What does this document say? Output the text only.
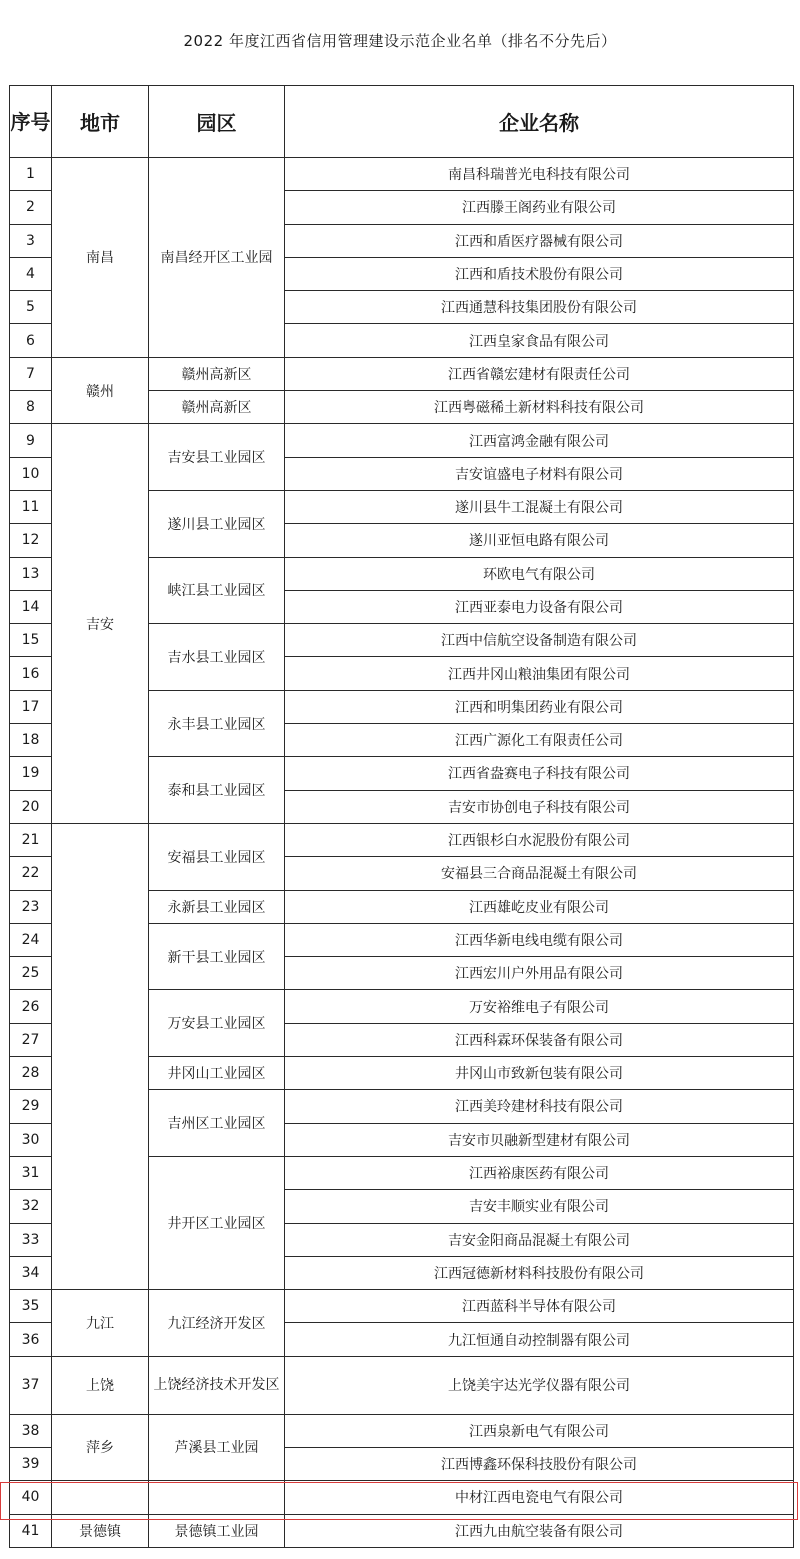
2022 年度江西省信用管理建设示范企业名单（排名不分先后）
序号	地市	园区	企业名称
1	南昌	南昌经开区工业园	南昌科瑞普光电科技有限公司
2			江西滕王阁药业有限公司
3			江西和盾医疗器械有限公司
4			江西和盾技术股份有限公司
5			江西通慧科技集团股份有限公司
6			江西皇家食品有限公司
7	赣州	赣州高新区	江西省赣宏建材有限责任公司
8		赣州高新区	江西粤磁稀土新材料科技有限公司
9	吉安	吉安县工业园区	江西富鸿金融有限公司
10			吉安谊盛电子材料有限公司
11		遂川县工业园区	遂川县牛工混凝土有限公司
12			遂川亚恒电路有限公司
13		峡江县工业园区	环欧电气有限公司
14			江西亚泰电力设备有限公司
15		吉水县工业园区	江西中信航空设备制造有限公司
16			江西井冈山粮油集团有限公司
17		永丰县工业园区	江西和明集团药业有限公司
18			江西广源化工有限责任公司
19		泰和县工业园区	江西省盎赛电子科技有限公司
20			吉安市协创电子科技有限公司
21		安福县工业园区	江西银杉白水泥股份有限公司
22			安福县三合商品混凝土有限公司
23		永新县工业园区	江西雄屹皮业有限公司
24		新干县工业园区	江西华新电线电缆有限公司
25			江西宏川户外用品有限公司
26		万安县工业园区	万安裕维电子有限公司
27			江西科霖环保装备有限公司
28		井冈山工业园区	井冈山市致新包装有限公司
29		吉州区工业园区	江西美玲建材科技有限公司
30			吉安市贝融新型建材有限公司
31		井开区工业园区	江西裕康医药有限公司
32			吉安丰顺实业有限公司
33			吉安金阳商品混凝土有限公司
34			江西冠德新材料科技股份有限公司
35	九江	九江经济开发区	江西蓝科半导体有限公司
36			九江恒通自动控制器有限公司
37	上饶	上饶经济技术开发区	上饶美宇达光学仪器有限公司
38	萍乡	芦溪县工业园	江西泉新电气有限公司
39			江西博鑫环保科技股份有限公司
40			中材江西电瓷电气有限公司
41	景德镇	景德镇工业园	江西九由航空装备有限公司
